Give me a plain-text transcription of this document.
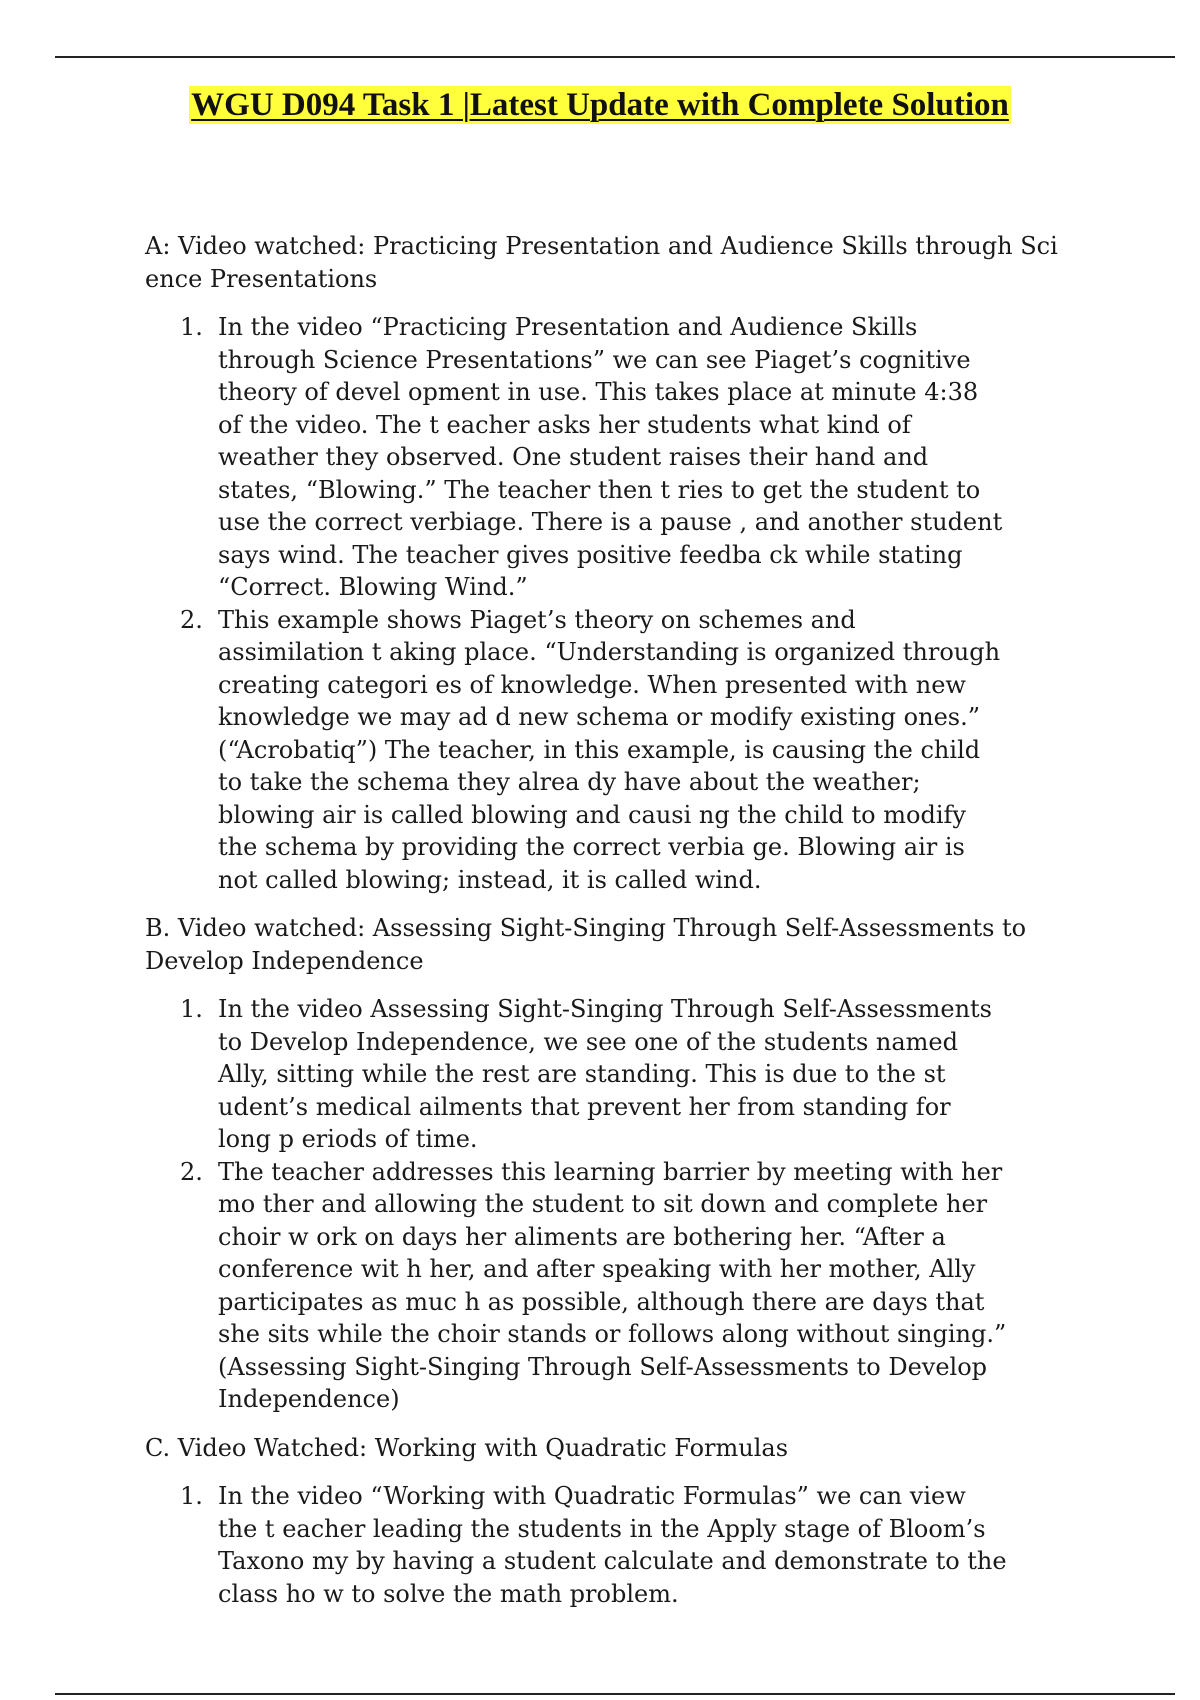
WGU D094 Task 1 |Latest Update with Complete Solution

A: Video watched: Practicing Presentation and Audience Skills through Sci ence Presentations

1. In the video “Practicing Presentation and Audience Skills through Science Presentations” we can see Piaget’s cognitive theory of devel opment in use. This takes place at minute 4:38 of the video. The t eacher asks her students what kind of weather they observed. One student raises their hand and states, “Blowing.” The teacher then t ries to get the student to use the correct verbiage. There is a pause , and another student says wind. The teacher gives positive feedba ck while stating “Correct. Blowing Wind.”
2. This example shows Piaget’s theory on schemes and assimilation t aking place. “Understanding is organized through creating categori es of knowledge. When presented with new knowledge we may ad d new schema or modify existing ones.” (“Acrobatiq”) The teacher, in this example, is causing the child to take the schema they alrea dy have about the weather; blowing air is called blowing and causi ng the child to modify the schema by providing the correct verbia ge. Blowing air is not called blowing; instead, it is called wind.

B. Video watched: Assessing Sight-Singing Through Self-Assessments to Develop Independence

1. In the video Assessing Sight-Singing Through Self-Assessments to Develop Independence, we see one of the students named Ally, sitting while the rest are standing. This is due to the st udent’s medical ailments that prevent her from standing for long p eriods of time.
2. The teacher addresses this learning barrier by meeting with her mo ther and allowing the student to sit down and complete her choir w ork on days her aliments are bothering her. “After a conference wit h her, and after speaking with her mother, Ally participates as muc h as possible, although there are days that she sits while the choir stands or follows along without singing.” (Assessing Sight-Singing Through Self-Assessments to Develop Independence)

C. Video Watched: Working with Quadratic Formulas

1. In the video “Working with Quadratic Formulas” we can view the t eacher leading the students in the Apply stage of Bloom’s Taxono my by having a student calculate and demonstrate to the class ho w to solve the math problem.
